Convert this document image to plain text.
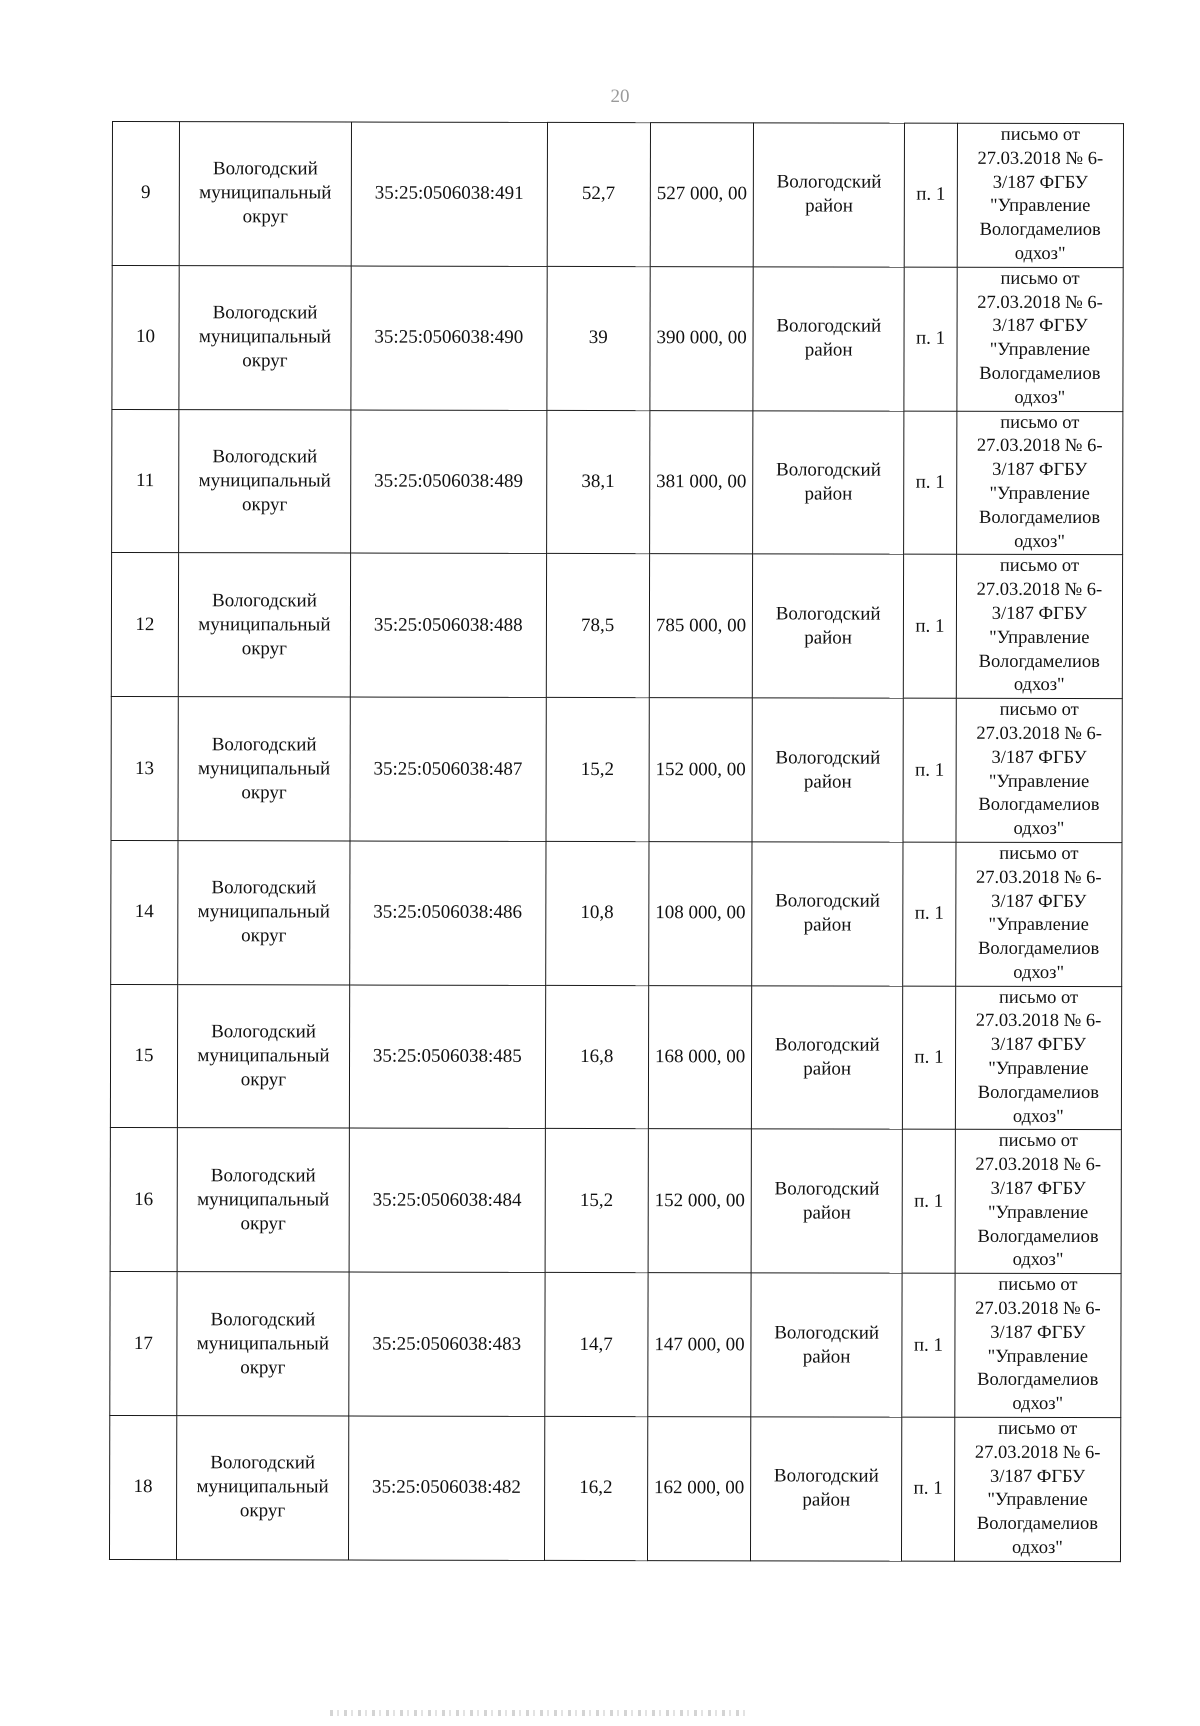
20
9	Вологодский муниципальный округ	35:25:0506038:491	52,7	527 000, 00	Вологодский район	п. 1	письмо от 27.03.2018 № 6-3/187 ФГБУ "Управление Вологдамелиов одхоз"
10	Вологодский муниципальный округ	35:25:0506038:490	39	390 000, 00	Вологодский район	п. 1	письмо от 27.03.2018 № 6-3/187 ФГБУ "Управление Вологдамелиов одхоз"
11	Вологодский муниципальный округ	35:25:0506038:489	38,1	381 000, 00	Вологодский район	п. 1	письмо от 27.03.2018 № 6-3/187 ФГБУ "Управление Вологдамелиов одхоз"
12	Вологодский муниципальный округ	35:25:0506038:488	78,5	785 000, 00	Вологодский район	п. 1	письмо от 27.03.2018 № 6-3/187 ФГБУ "Управление Вологдамелиов одхоз"
13	Вологодский муниципальный округ	35:25:0506038:487	15,2	152 000, 00	Вологодский район	п. 1	письмо от 27.03.2018 № 6-3/187 ФГБУ "Управление Вологдамелиов одхоз"
14	Вологодский муниципальный округ	35:25:0506038:486	10,8	108 000, 00	Вологодский район	п. 1	письмо от 27.03.2018 № 6-3/187 ФГБУ "Управление Вологдамелиов одхоз"
15	Вологодский муниципальный округ	35:25:0506038:485	16,8	168 000, 00	Вологодский район	п. 1	письмо от 27.03.2018 № 6-3/187 ФГБУ "Управление Вологдамелиов одхоз"
16	Вологодский муниципальный округ	35:25:0506038:484	15,2	152 000, 00	Вологодский район	п. 1	письмо от 27.03.2018 № 6-3/187 ФГБУ "Управление Вологдамелиов одхоз"
17	Вологодский муниципальный округ	35:25:0506038:483	14,7	147 000, 00	Вологодский район	п. 1	письмо от 27.03.2018 № 6-3/187 ФГБУ "Управление Вологдамелиов одхоз"
18	Вологодский муниципальный округ	35:25:0506038:482	16,2	162 000, 00	Вологодский район	п. 1	письмо от 27.03.2018 № 6-3/187 ФГБУ "Управление Вологдамелиов одхоз"
